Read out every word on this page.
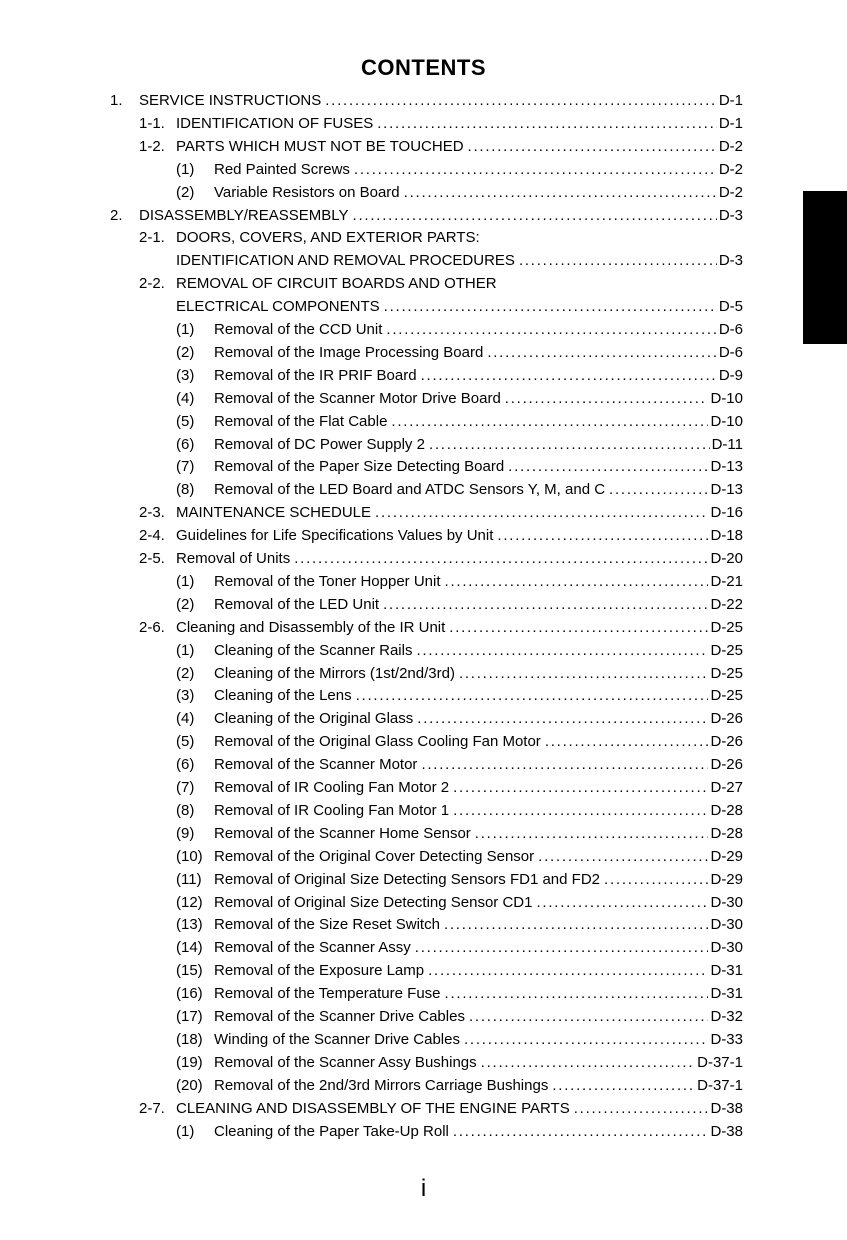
CONTENTS
1.	SERVICE INSTRUCTIONS . . .	D-1
1-1. IDENTIFICATION OF FUSES . . .	D-1
1-2. PARTS WHICH MUST NOT BE TOUCHED . . .	D-2
(1)	Red Painted Screws . . .	D-2
(2)	Variable Resistors on Board . . .	D-2
2.	DISASSEMBLY/REASSEMBLY . . .	D-3
2-1. DOORS, COVERS, AND EXTERIOR PARTS:
IDENTIFICATION AND REMOVAL PROCEDURES . . .	D-3
2-2. REMOVAL OF CIRCUIT BOARDS AND OTHER
ELECTRICAL COMPONENTS . . .	D-5
(1)	Removal of the CCD Unit . . .	D-6
(2)	Removal of the Image Processing Board . . .	D-6
(3)	Removal of the IR PRIF Board . . .	D-9
(4)	Removal of the Scanner Motor Drive Board . . .	D-10
(5)	Removal of the Flat Cable . . .	D-10
(6)	Removal of DC Power Supply 2 . . .	D-11
(7)	Removal of the Paper Size Detecting Board . . .	D-13
(8)	Removal of the LED Board and ATDC Sensors Y, M, and C . . .	D-13
2-3. MAINTENANCE SCHEDULE . . .	D-16
2-4. Guidelines for Life Specifications Values by Unit . . .	D-18
2-5. Removal of Units . . .	D-20
(1)	Removal of the Toner Hopper Unit . . .	D-21
(2)	Removal of the LED Unit . . .	D-22
2-6. Cleaning and Disassembly of the IR Unit . . .	D-25
(1)	Cleaning of the Scanner Rails . . .	D-25
(2)	Cleaning of the Mirrors (1st/2nd/3rd) . . .	D-25
(3)	Cleaning of the Lens . . .	D-25
(4)	Cleaning of the Original Glass . . .	D-26
(5)	Removal of the Original Glass Cooling Fan Motor . . .	D-26
(6)	Removal of the Scanner Motor . . .	D-26
(7)	Removal of IR Cooling Fan Motor 2 . . .	D-27
(8)	Removal of IR Cooling Fan Motor 1 . . .	D-28
(9)	Removal of the Scanner Home Sensor . . .	D-28
(10) Removal of the Original Cover Detecting Sensor . . .	D-29
(11) Removal of Original Size Detecting Sensors FD1 and FD2 . . .	D-29
(12) Removal of Original Size Detecting Sensor CD1 . . .	D-30
(13) Removal of the Size Reset Switch . . .	D-30
(14) Removal of the Scanner Assy . . .	D-30
(15) Removal of the Exposure Lamp . . .	D-31
(16) Removal of the Temperature Fuse . . .	D-31
(17) Removal of the Scanner Drive Cables . . .	D-32
(18) Winding of the Scanner Drive Cables . . .	D-33
(19) Removal of the Scanner Assy Bushings . . .	D-37-1
(20) Removal of the 2nd/3rd Mirrors Carriage Bushings . . .	D-37-1
2-7. CLEANING AND DISASSEMBLY OF THE ENGINE PARTS . . .	D-38
(1)	Cleaning of the Paper Take-Up Roll . . .	D-38
i
